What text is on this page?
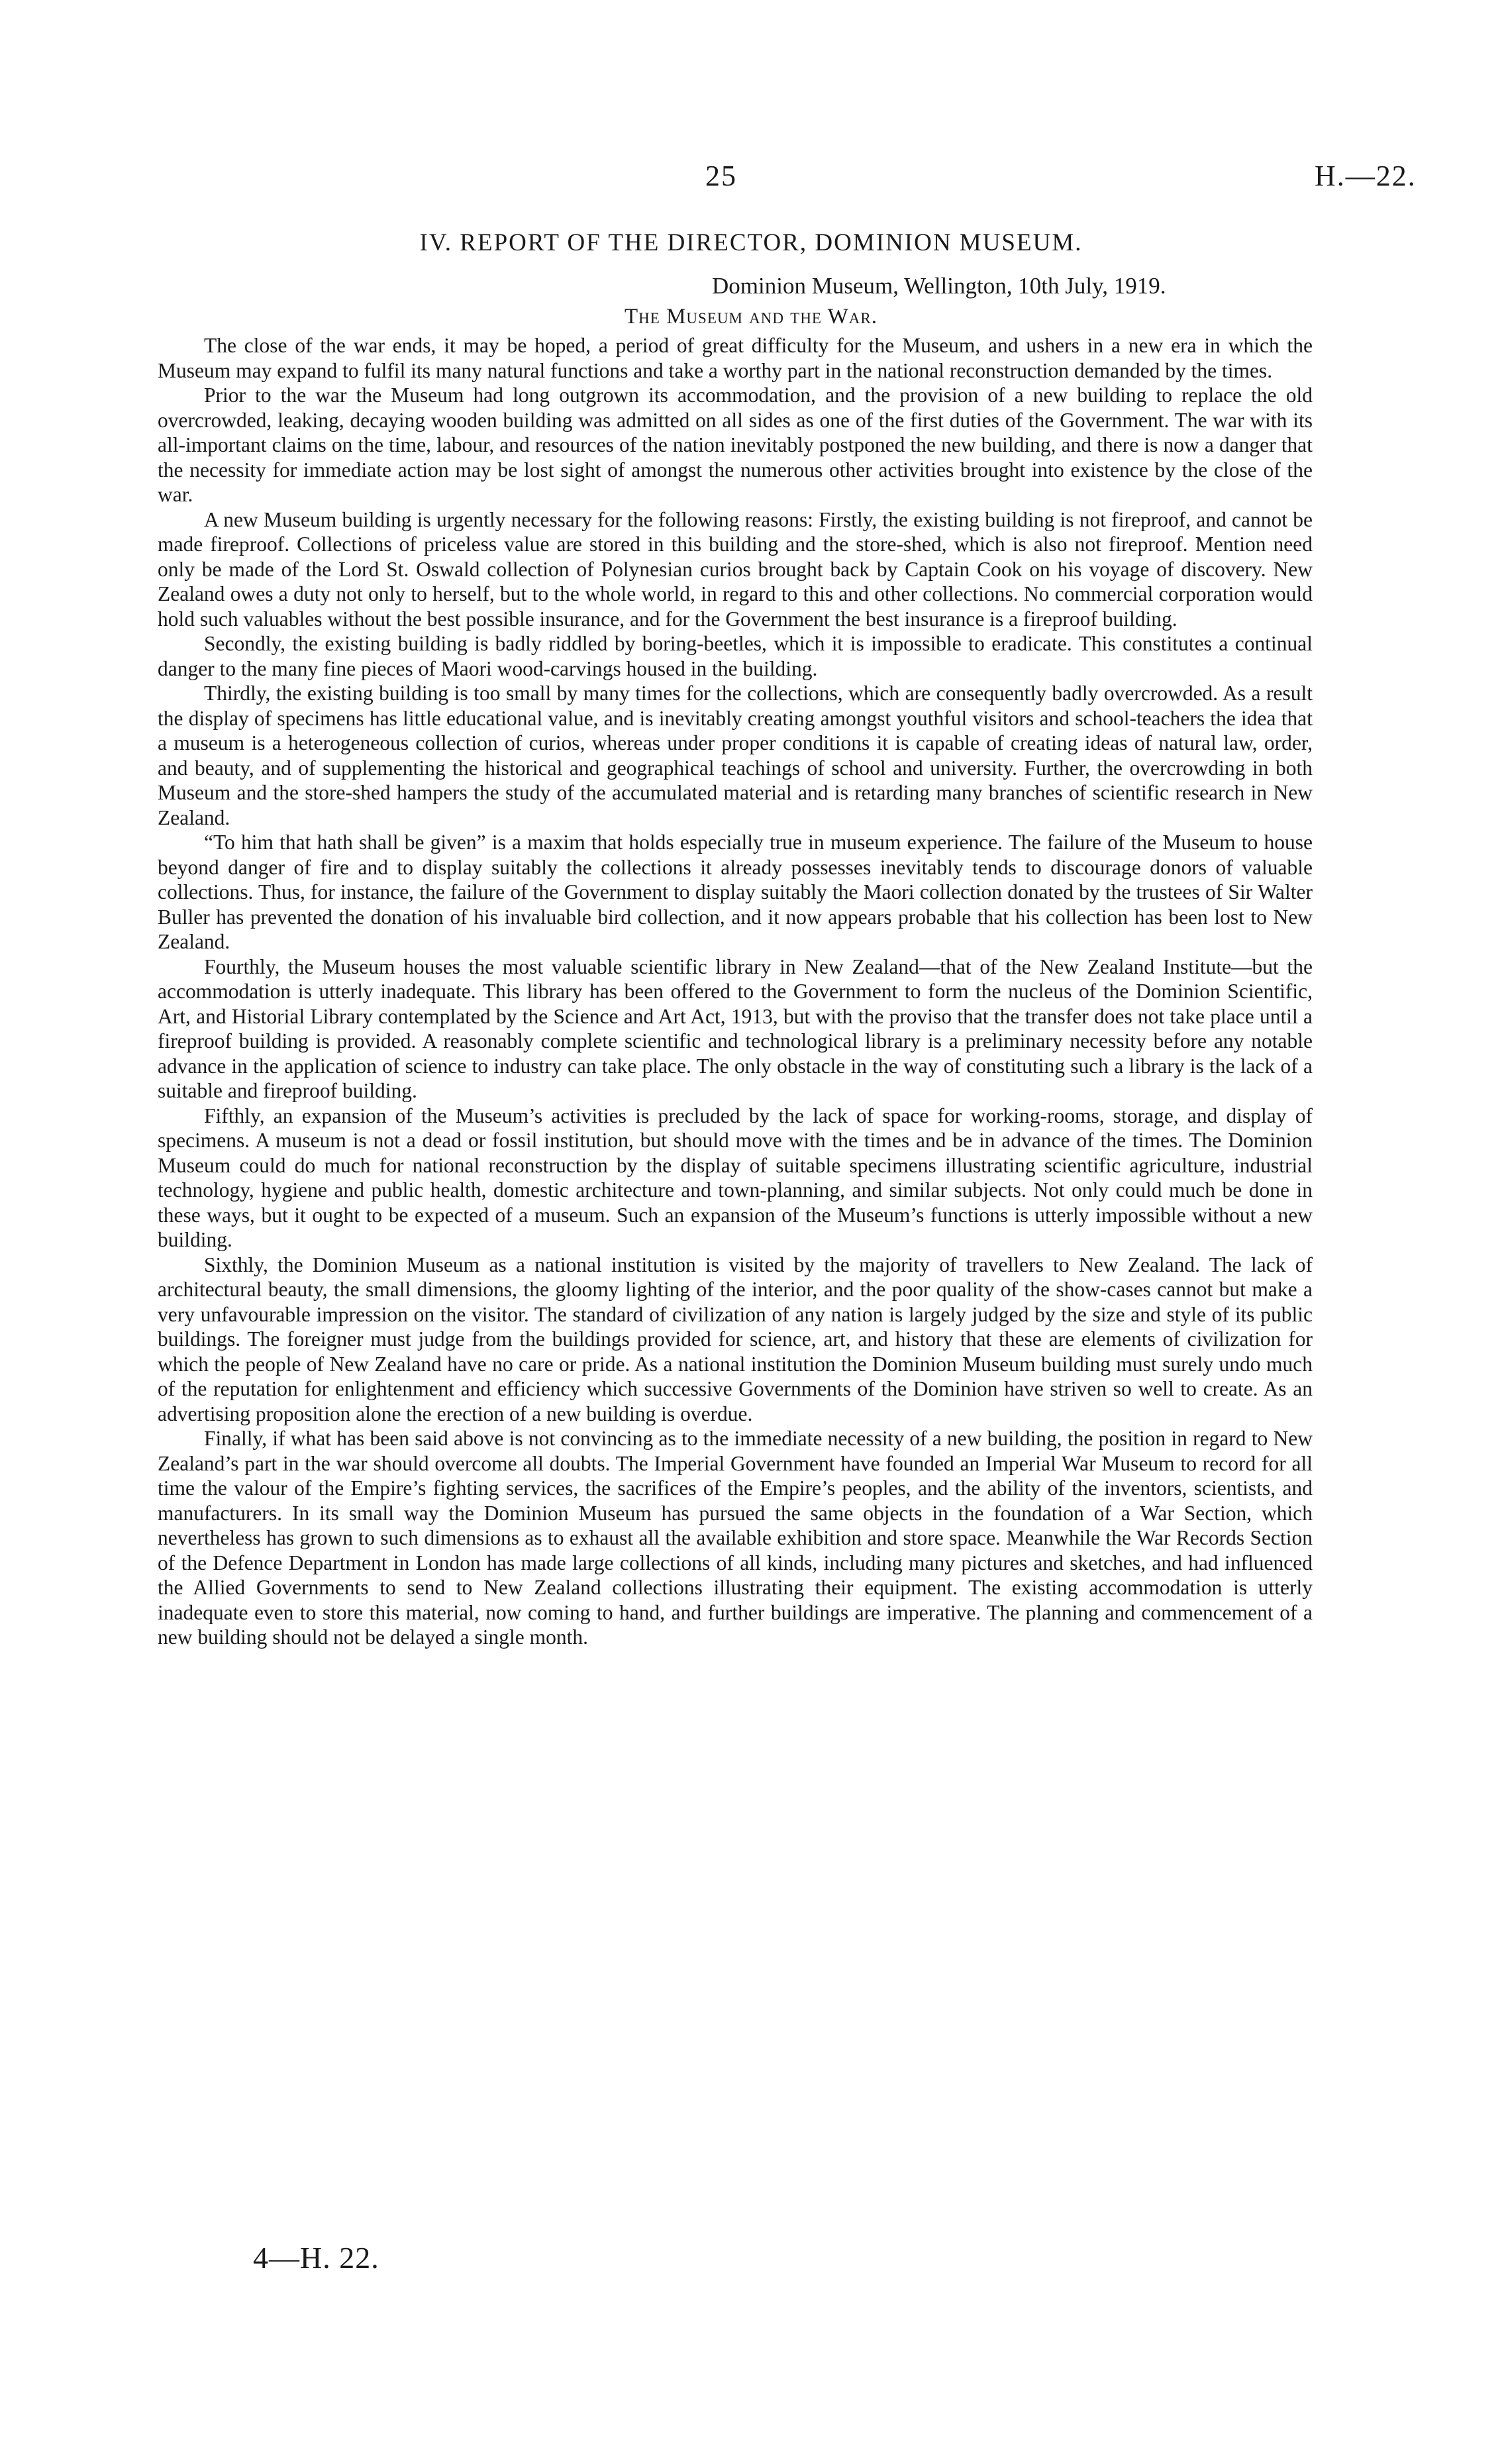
25	H.—22.
IV. REPORT OF THE DIRECTOR, DOMINION MUSEUM.
Dominion Museum, Wellington, 10th July, 1919.
The Museum and the War.

The close of the war ends, it may be hoped, a period of great difficulty for the Museum, and ushers in a new era in which the Museum may expand to fulfil its many natural functions and take a worthy part in the national reconstruction demanded by the times.

Prior to the war the Museum had long outgrown its accommodation, and the provision of a new building to replace the old overcrowded, leaking, decaying wooden building was admitted on all sides as one of the first duties of the Government. The war with its all-important claims on the time, labour, and resources of the nation inevitably postponed the new building, and there is now a danger that the necessity for immediate action may be lost sight of amongst the numerous other activities brought into existence by the close of the war.

A new Museum building is urgently necessary for the following reasons: Firstly, the existing building is not fireproof, and cannot be made fireproof. Collections of priceless value are stored in this building and the store-shed, which is also not fireproof. Mention need only be made of the Lord St. Oswald collection of Polynesian curios brought back by Captain Cook on his voyage of discovery. New Zealand owes a duty not only to herself, but to the whole world, in regard to this and other collections. No commercial corporation would hold such valuables without the best possible insurance, and for the Government the best insurance is a fireproof building.

Secondly, the existing building is badly riddled by boring-beetles, which it is impossible to eradicate. This constitutes a continual danger to the many fine pieces of Maori wood-carvings housed in the building.

Thirdly, the existing building is too small by many times for the collections, which are consequently badly overcrowded. As a result the display of specimens has little educational value, and is inevitably creating amongst youthful visitors and school-teachers the idea that a museum is a heterogeneous collection of curios, whereas under proper conditions it is capable of creating ideas of natural law, order, and beauty, and of supplementing the historical and geographical teachings of school and university. Further, the overcrowding in both Museum and the store-shed hampers the study of the accumulated material and is retarding many branches of scientific research in New Zealand.

“To him that hath shall be given” is a maxim that holds especially true in museum experience. The failure of the Museum to house beyond danger of fire and to display suitably the collections it already possesses inevitably tends to discourage donors of valuable collections. Thus, for instance, the failure of the Government to display suitably the Maori collection donated by the trustees of Sir Walter Buller has prevented the donation of his invaluable bird collection, and it now appears probable that his collection has been lost to New Zealand.

Fourthly, the Museum houses the most valuable scientific library in New Zealand—that of the New Zealand Institute—but the accommodation is utterly inadequate. This library has been offered to the Government to form the nucleus of the Dominion Scientific, Art, and Historial Library contemplated by the Science and Art Act, 1913, but with the proviso that the transfer does not take place until a fireproof building is provided. A reasonably complete scientific and technological library is a preliminary necessity before any notable advance in the application of science to industry can take place. The only obstacle in the way of constituting such a library is the lack of a suitable and fireproof building.

Fifthly, an expansion of the Museum’s activities is precluded by the lack of space for working-rooms, storage, and display of specimens. A museum is not a dead or fossil institution, but should move with the times and be in advance of the times. The Dominion Museum could do much for national reconstruction by the display of suitable specimens illustrating scientific agriculture, industrial technology, hygiene and public health, domestic architecture and town-planning, and similar subjects. Not only could much be done in these ways, but it ought to be expected of a museum. Such an expansion of the Museum’s functions is utterly impossible without a new building.

Sixthly, the Dominion Museum as a national institution is visited by the majority of travellers to New Zealand. The lack of architectural beauty, the small dimensions, the gloomy lighting of the interior, and the poor quality of the show-cases cannot but make a very unfavourable impression on the visitor. The standard of civilization of any nation is largely judged by the size and style of its public buildings. The foreigner must judge from the buildings provided for science, art, and history that these are elements of civilization for which the people of New Zealand have no care or pride. As a national institution the Dominion Museum building must surely undo much of the reputation for enlightenment and efficiency which successive Governments of the Dominion have striven so well to create. As an advertising proposition alone the erection of a new building is overdue.

Finally, if what has been said above is not convincing as to the immediate necessity of a new building, the position in regard to New Zealand’s part in the war should overcome all doubts. The Imperial Government have founded an Imperial War Museum to record for all time the valour of the Empire’s fighting services, the sacrifices of the Empire’s peoples, and the ability of the inventors, scientists, and manufacturers. In its small way the Dominion Museum has pursued the same objects in the foundation of a War Section, which nevertheless has grown to such dimensions as to exhaust all the available exhibition and store space. Meanwhile the War Records Section of the Defence Department in London has made large collections of all kinds, including many pictures and sketches, and had influenced the Allied Governments to send to New Zealand collections illustrating their equipment. The existing accommodation is utterly inadequate even to store this material, now coming to hand, and further buildings are imperative. The planning and commencement of a new building should not be delayed a single month.

4—H. 22.
